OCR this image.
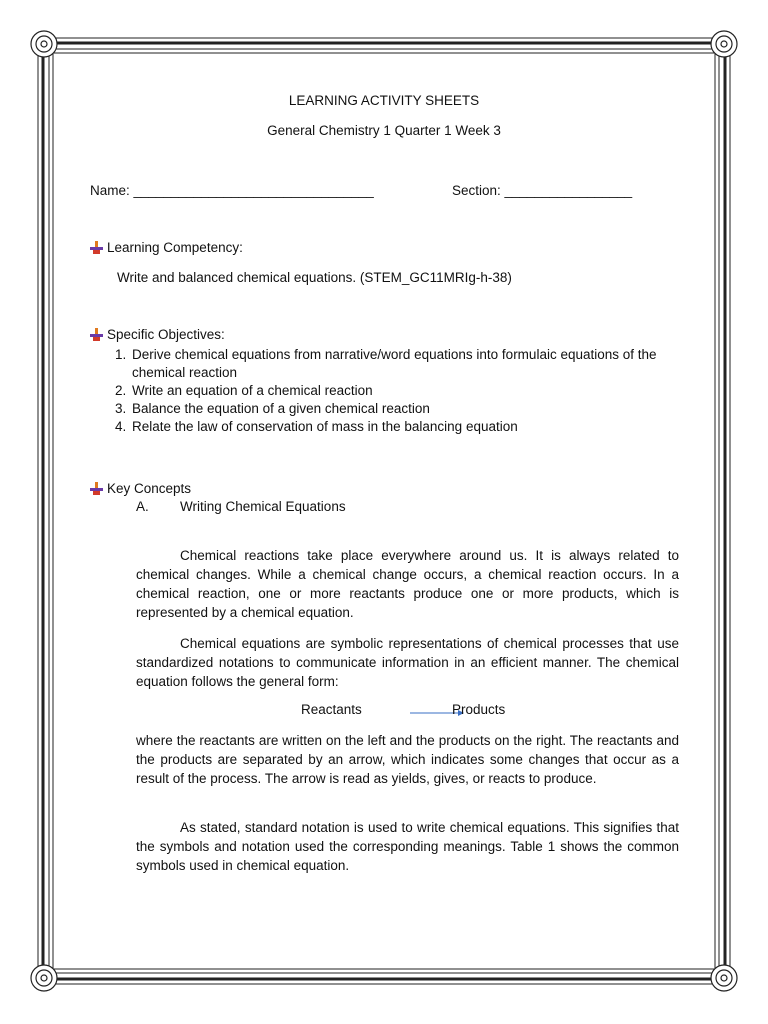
LEARNING ACTIVITY SHEETS
General Chemistry 1 Quarter 1 Week 3
Name: ________________________________	Section: _________________
Learning Competency:
Write and balanced chemical equations. (STEM_GC11MRIg-h-38)
Specific Objectives:
1. Derive chemical equations from narrative/word equations into formulaic equations of the chemical reaction
2. Write an equation of a chemical reaction
3. Balance the equation of a given chemical reaction
4. Relate the law of conservation of mass in the balancing equation
Key Concepts
A. Writing Chemical Equations

Chemical reactions take place everywhere around us. It is always related to chemical changes. While a chemical change occurs, a chemical reaction occurs. In a chemical reaction, one or more reactants produce one or more products, which is represented by a chemical equation.

Chemical equations are symbolic representations of chemical processes that use standardized notations to communicate information in an efficient manner. The chemical equation follows the general form:

Reactants	Products

where the reactants are written on the left and the products on the right. The reactants and the products are separated by an arrow, which indicates some changes that occur as a result of the process. The arrow is read as yields, gives, or reacts to produce.

As stated, standard notation is used to write chemical equations. This signifies that the symbols and notation used the corresponding meanings. Table 1 shows the common symbols used in chemical equation.
